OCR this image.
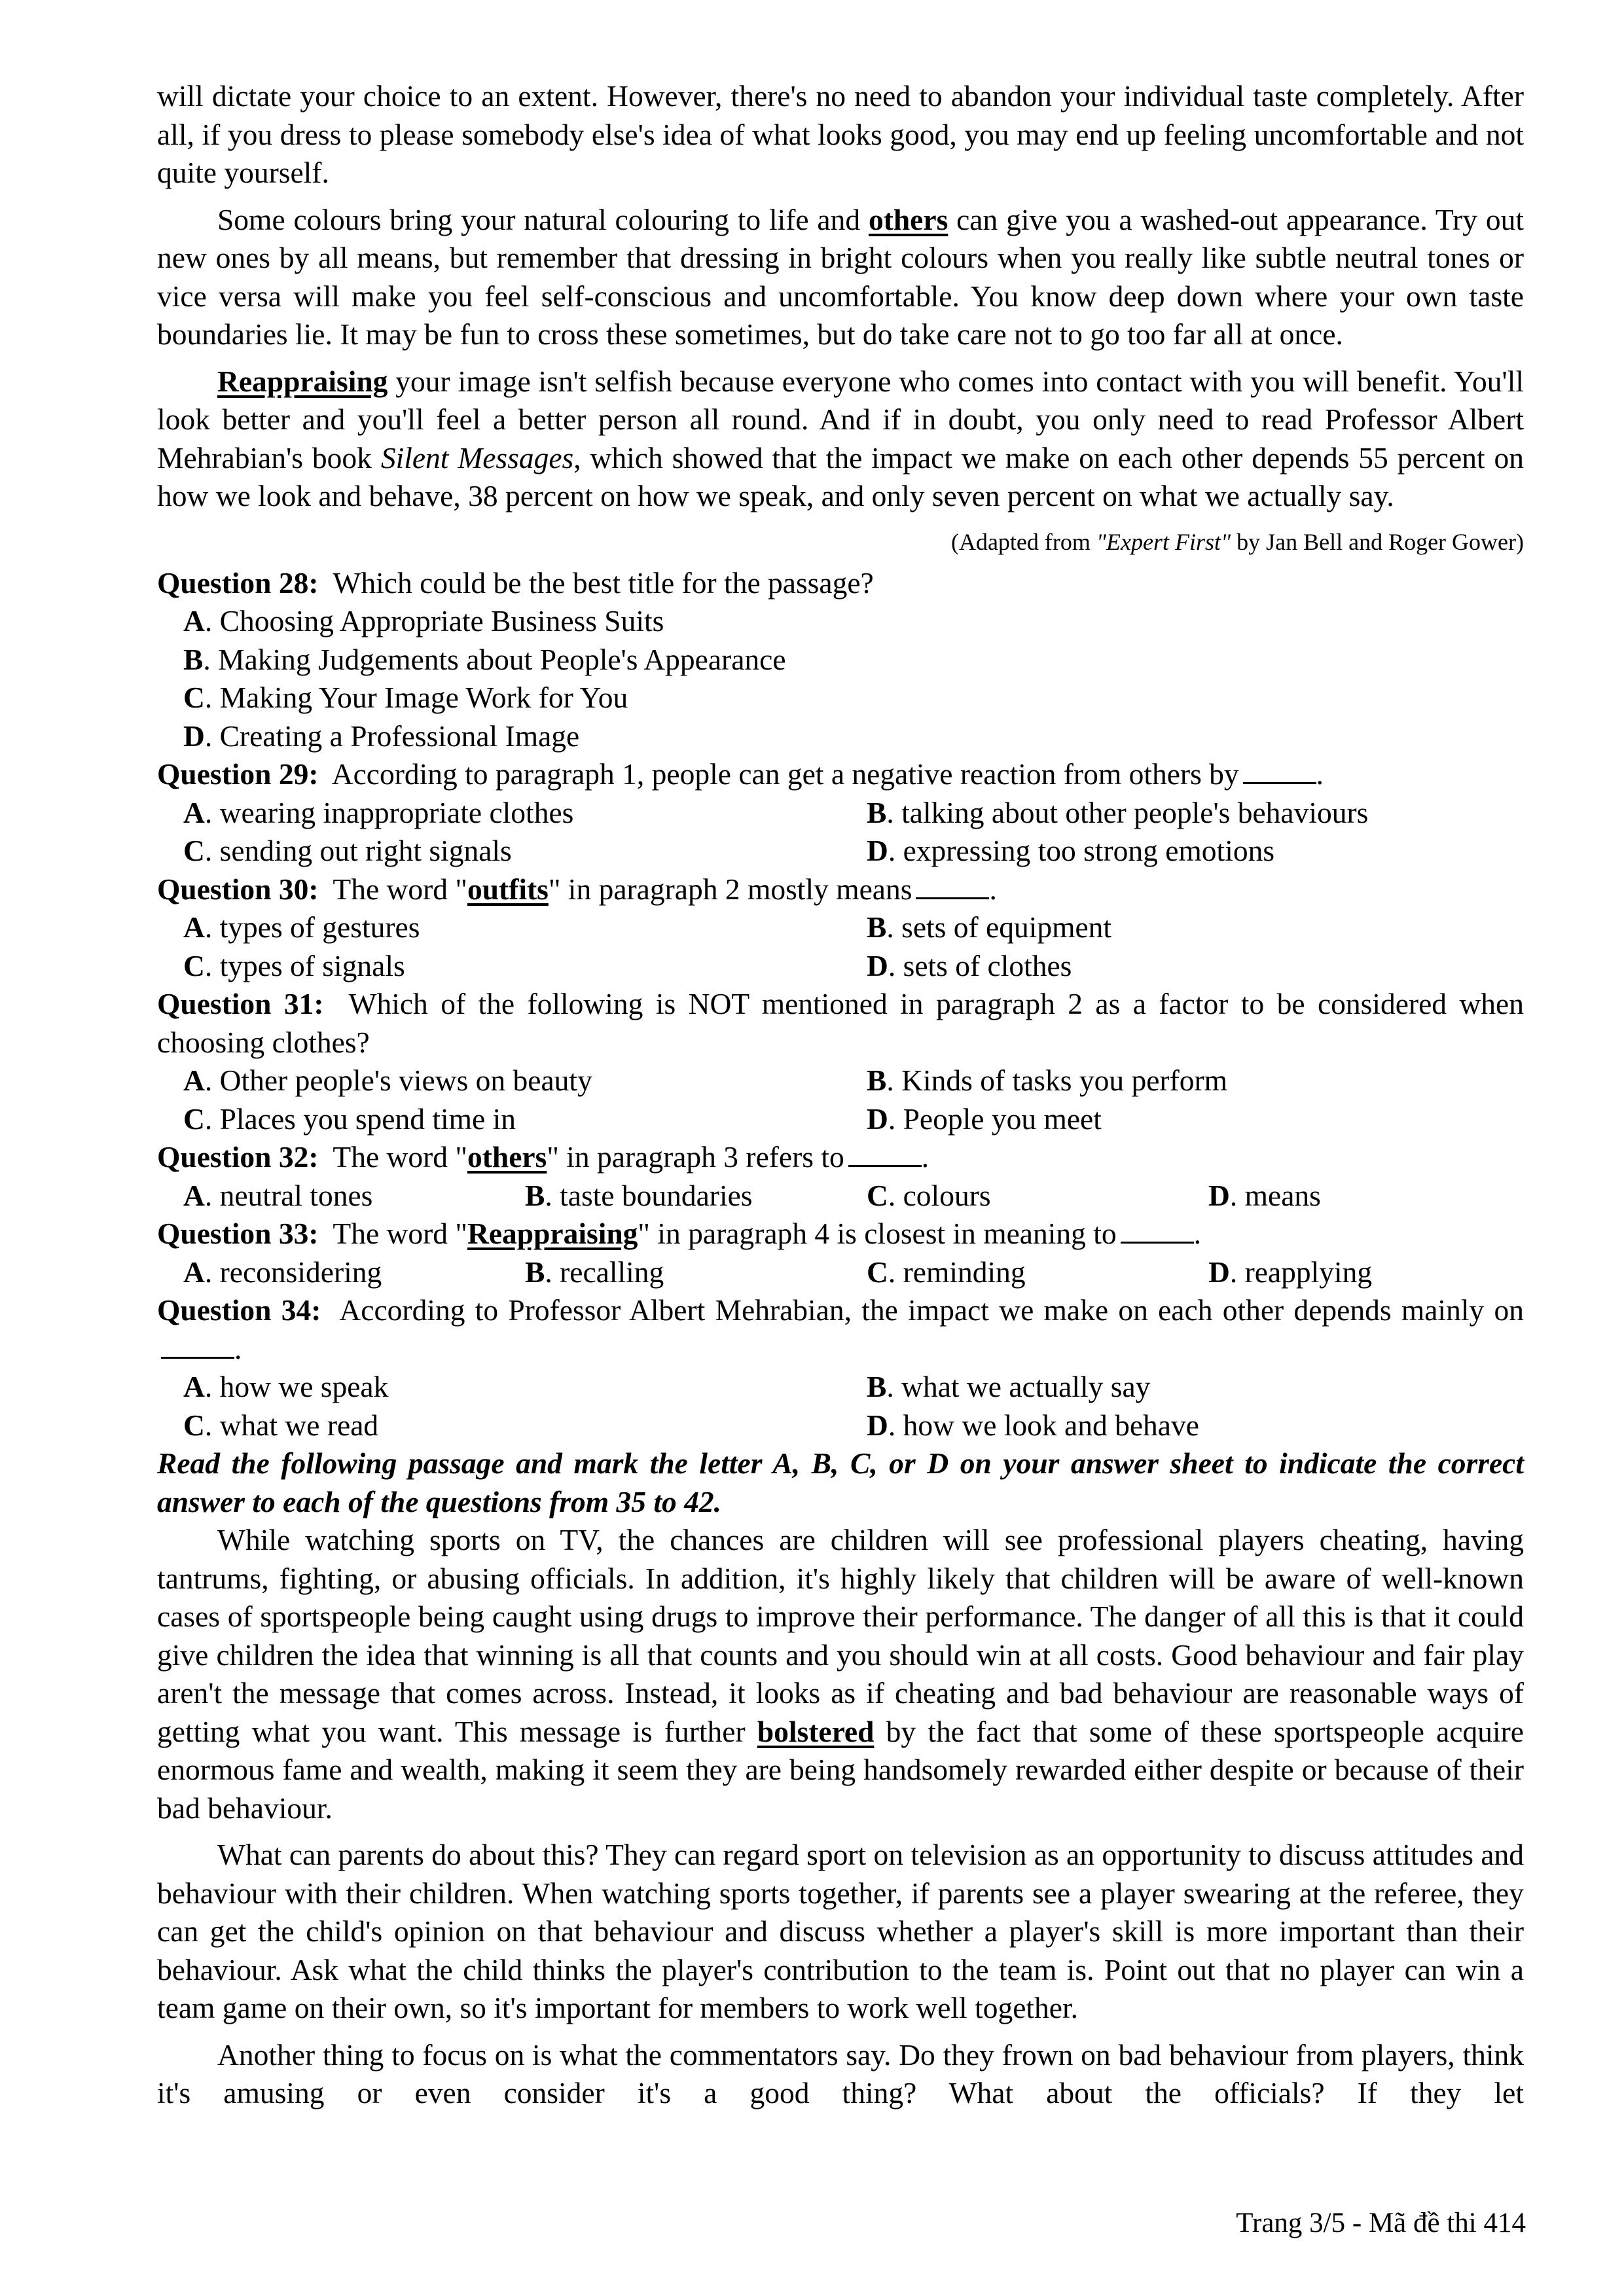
will dictate your choice to an extent. However, there's no need to abandon your individual taste completely. After all, if you dress to please somebody else's idea of what looks good, you may end up feeling uncomfortable and not quite yourself.

Some colours bring your natural colouring to life and others can give you a washed-out appearance. Try out new ones by all means, but remember that dressing in bright colours when you really like subtle neutral tones or vice versa will make you feel self-conscious and uncomfortable. You know deep down where your own taste boundaries lie. It may be fun to cross these sometimes, but do take care not to go too far all at once.

Reappraising your image isn't selfish because everyone who comes into contact with you will benefit. You'll look better and you'll feel a better person all round. And if in doubt, you only need to read Professor Albert Mehrabian's book Silent Messages, which showed that the impact we make on each other depends 55 percent on how we look and behave, 38 percent on how we speak, and only seven percent on what we actually say.

(Adapted from "Expert First" by Jan Bell and Roger Gower)

Question 28: Which could be the best title for the passage?

A. Choosing Appropriate Business Suits
B. Making Judgements about People's Appearance
C. Making Your Image Work for You
D. Creating a Professional Image

Question 29: According to paragraph 1, people can get a negative reaction from others by	.

A. wearing inappropriate clothes	B. talking about other people's behaviours
C. sending out right signals	D. expressing too strong emotions

Question 30: The word "outfits" in paragraph 2 mostly means	.

A. types of gestures	B. sets of equipment
C. types of signals	D. sets of clothes

Question 31: Which of the following is NOT mentioned in paragraph 2 as a factor to be considered when choosing clothes?

A. Other people's views on beauty	B. Kinds of tasks you perform
C. Places you spend time in	D. People you meet

Question 32: The word "others" in paragraph 3 refers to	.

A. neutral tones	B. taste boundaries	C. colours	D. means

Question 33: The word "Reappraising" in paragraph 4 is closest in meaning to	.

A. reconsidering	B. recalling	C. reminding	D. reapplying

Question 34: According to Professor Albert Mehrabian, the impact we make on each other depends mainly on.

A. how we speak	B. what we actually say
C. what we read	D. how we look and behave

Read the following passage and mark the letter A, B, C, or D on your answer sheet to indicate the correct answer to each of the questions from 35 to 42.

While watching sports on TV, the chances are children will see professional players cheating, having tantrums, fighting, or abusing officials. In addition, it's highly likely that children will be aware of well-known cases of sportspeople being caught using drugs to improve their performance. The danger of all this is that it could give children the idea that winning is all that counts and you should win at all costs. Good behaviour and fair play aren't the message that comes across. Instead, it looks as if cheating and bad behaviour are reasonable ways of getting what you want. This message is further bolstered by the fact that some of these sportspeople acquire enormous fame and wealth, making it seem they are being handsomely rewarded either despite or because of their bad behaviour.

What can parents do about this? They can regard sport on television as an opportunity to discuss attitudes and behaviour with their children. When watching sports together, if parents see a player swearing at the referee, they can get the child's opinion on that behaviour and discuss whether a player's skill is more important than their behaviour. Ask what the child thinks the player's contribution to the team is. Point out that no player can win a team game on their own, so it's important for members to work well together.

Another thing to focus on is what the commentators say. Do they frown on bad behaviour from players, think it's amusing or even consider it's a good thing? What about the officials? If they let

Trang 3/5 - Mã đề thi 414
